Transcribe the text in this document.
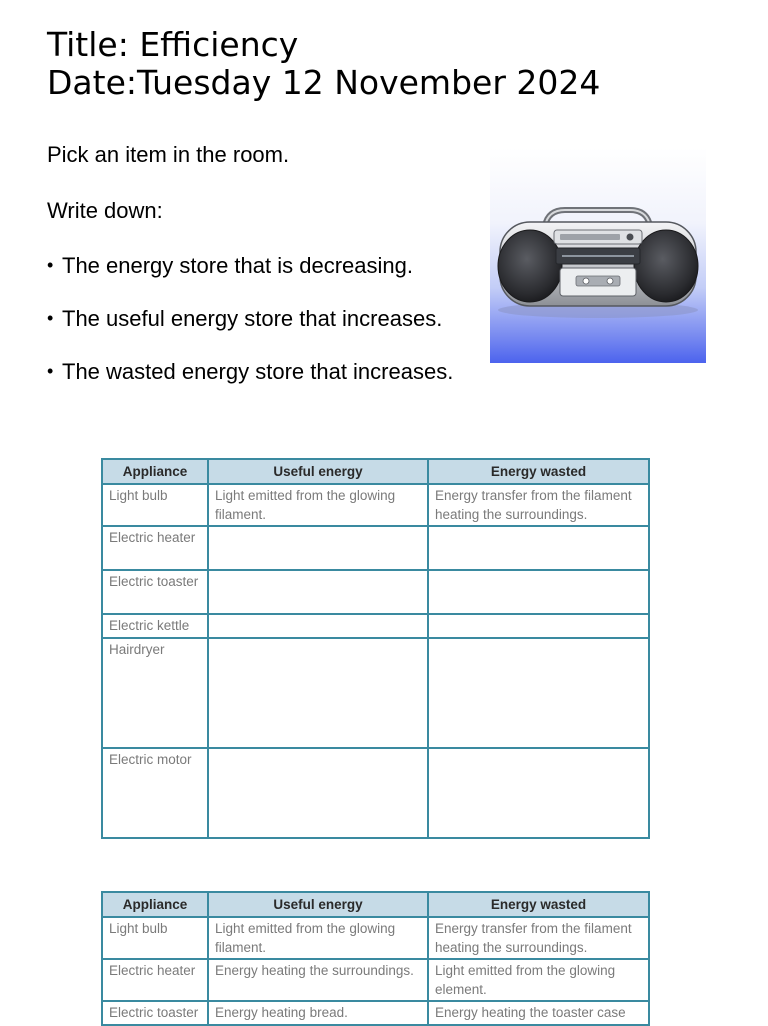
Title: Efficiency
Date:Tuesday 12 November 2024
Pick an item in the room.
Write down:
• The energy store that is decreasing.
• The useful energy store that increases.
• The wasted energy store that increases.
Appliance	Useful energy	Energy wasted
Light bulb	Light emitted from the glowing filament.	Energy transfer from the filament heating the surroundings.
Electric heater		
Electric toaster		
Electric kettle		
Hairdryer		
Electric motor		
Appliance	Useful energy	Energy wasted
Light bulb	Light emitted from the glowing filament.	Energy transfer from the filament heating the surroundings.
Electric heater	Energy heating the surroundings.	Light emitted from the glowing element.
Electric toaster	Energy heating bread.	Energy heating the toaster case
